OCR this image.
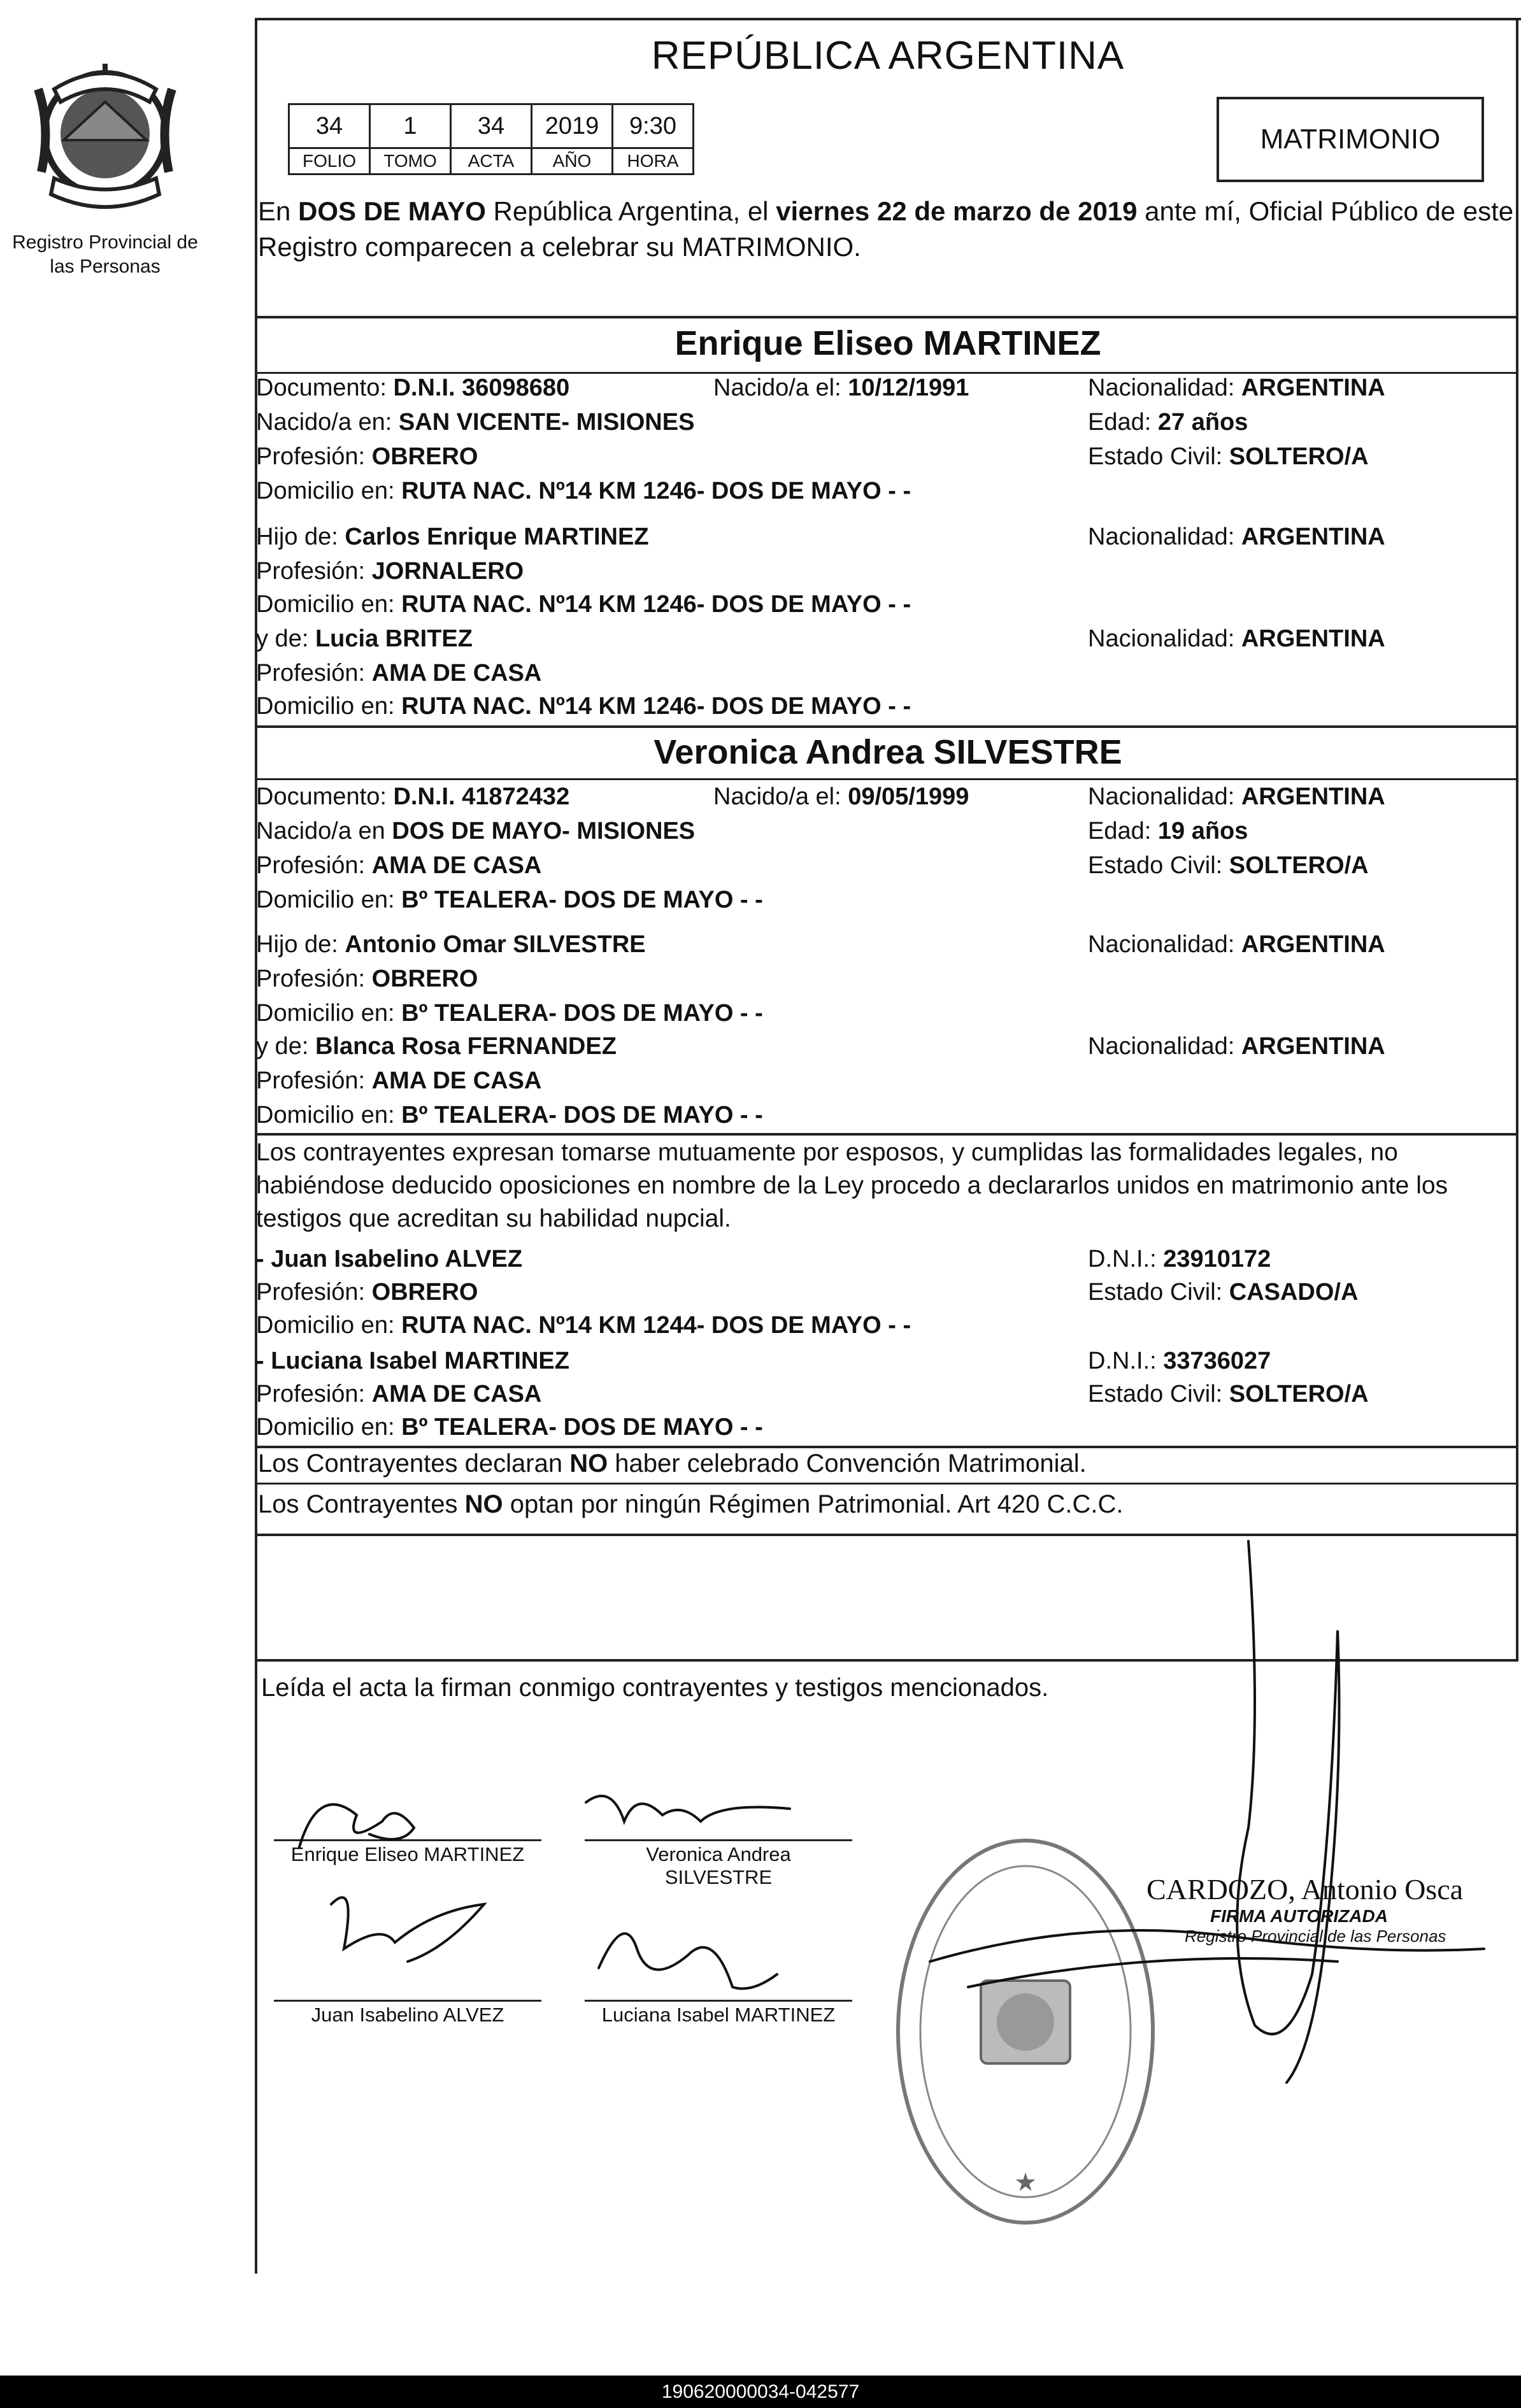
Registro Provincial de las Personas
REPÚBLICA ARGENTINA
34	1	34	2019	9:30
FOLIO	TOMO	ACTA	AÑO	HORA
MATRIMONIO
En DOS DE MAYO República Argentina, el viernes 22 de marzo de 2019 ante mí, Oficial Público de este Registro comparecen a celebrar su MATRIMONIO.
Enrique Eliseo MARTINEZ
Documento: D.N.I. 36098680	Nacido/a el: 10/12/1991	Nacionalidad: ARGENTINA
Nacido/a en: SAN VICENTE- MISIONES	Edad: 27 años
Profesión: OBRERO	Estado Civil: SOLTERO/A
Domicilio en: RUTA NAC. Nº14 KM 1246- DOS DE MAYO - -
Hijo de: Carlos Enrique MARTINEZ	Nacionalidad: ARGENTINA
Profesión: JORNALERO
Domicilio en: RUTA NAC. Nº14 KM 1246- DOS DE MAYO - -
y de: Lucia BRITEZ	Nacionalidad: ARGENTINA
Profesión: AMA DE CASA
Domicilio en: RUTA NAC. Nº14 KM 1246- DOS DE MAYO - -
Veronica Andrea SILVESTRE
Documento: D.N.I. 41872432	Nacido/a el: 09/05/1999	Nacionalidad: ARGENTINA
Nacido/a en DOS DE MAYO- MISIONES	Edad: 19 años
Profesión: AMA DE CASA	Estado Civil: SOLTERO/A
Domicilio en: Bº TEALERA- DOS DE MAYO - -
Hijo de: Antonio Omar SILVESTRE	Nacionalidad: ARGENTINA
Profesión: OBRERO
Domicilio en: Bº TEALERA- DOS DE MAYO - -
y de: Blanca Rosa FERNANDEZ	Nacionalidad: ARGENTINA
Profesión: AMA DE CASA
Domicilio en: Bº TEALERA- DOS DE MAYO - -
Los contrayentes expresan tomarse mutuamente por esposos, y cumplidas las formalidades legales, no habiéndose deducido oposiciones en nombre de la Ley procedo a declararlos unidos en matrimonio ante los testigos que acreditan su habilidad nupcial.
- Juan Isabelino ALVEZ	D.N.I.: 23910172
Profesión: OBRERO	Estado Civil: CASADO/A
Domicilio en: RUTA NAC. Nº14 KM 1244- DOS DE MAYO - -
- Luciana Isabel MARTINEZ	D.N.I.: 33736027
Profesión: AMA DE CASA	Estado Civil: SOLTERO/A
Domicilio en: Bº TEALERA- DOS DE MAYO - -
Los Contrayentes declaran NO haber celebrado Convención Matrimonial.
Los Contrayentes NO optan por ningún Régimen Patrimonial. Art 420 C.C.C.
Leída el acta la firman conmigo contrayentes y testigos mencionados.
Enrique Eliseo MARTINEZ	Veronica Andrea
SILVESTRE
Juan Isabelino ALVEZ	Luciana Isabel MARTINEZ
★
CARDOZO, Antonio Osca
FIRMA AUTORIZADA
Registro Provincial de las Personas
190620000034-042577
